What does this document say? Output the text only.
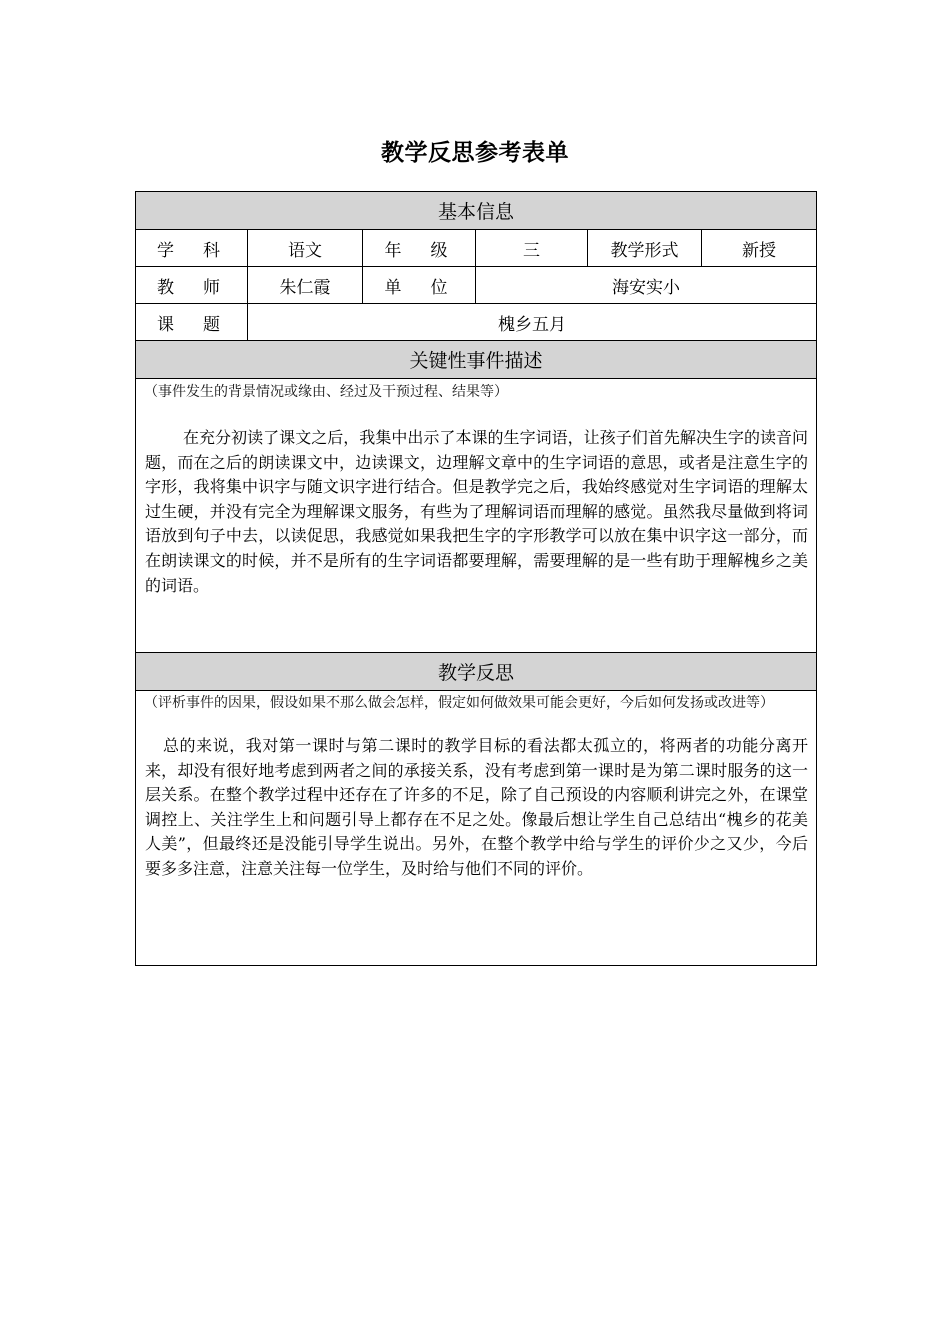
教学反思参考表单
基本信息					
学　科	语文	年　级	三	教学形式	新授
教　师	朱仁霞	单　位	海安实小		
课　题	槐乡五月				
关键性事件描述					

（事件发生的背景情况或缘由、经过及干预过程、结果等）
在充分初读了课文之后，我集中出示了本课的生字词语，让孩子们首先解决生字的读音问题，而在之后的朗读课文中，边读课文，边理解文章中的生字词语的意思，或者是注意生字的字形，我将集中识字与随文识字进行结合。但是教学完之后，我始终感觉对生字词语的理解太过生硬，并没有完全为理解课文服务，有些为了理解词语而理解的感觉。虽然我尽量做到将词语放到句子中去，以读促思，我感觉如果我把生字的字形教学可以放在集中识字这一部分，而在朗读课文的时候，并不是所有的生字词语都要理解，需要理解的是一些有助于理解槐乡之美的词语。					

教学反思					

（评析事件的因果，假设如果不那么做会怎样，假定如何做效果可能会更好，今后如何发扬或改进等）
总的来说，我对第一课时与第二课时的教学目标的看法都太孤立的，将两者的功能分离开来，却没有很好地考虑到两者之间的承接关系，没有考虑到第一课时是为第二课时服务的这一层关系。在整个教学过程中还存在了许多的不足，除了自己预设的内容顺利讲完之外，在课堂调控上、关注学生上和问题引导上都存在不足之处。像最后想让学生自己总结出“槐乡的花美人美”，但最终还是没能引导学生说出。另外，在整个教学中给与学生的评价少之又少，今后要多多注意，注意关注每一位学生，及时给与他们不同的评价。					
